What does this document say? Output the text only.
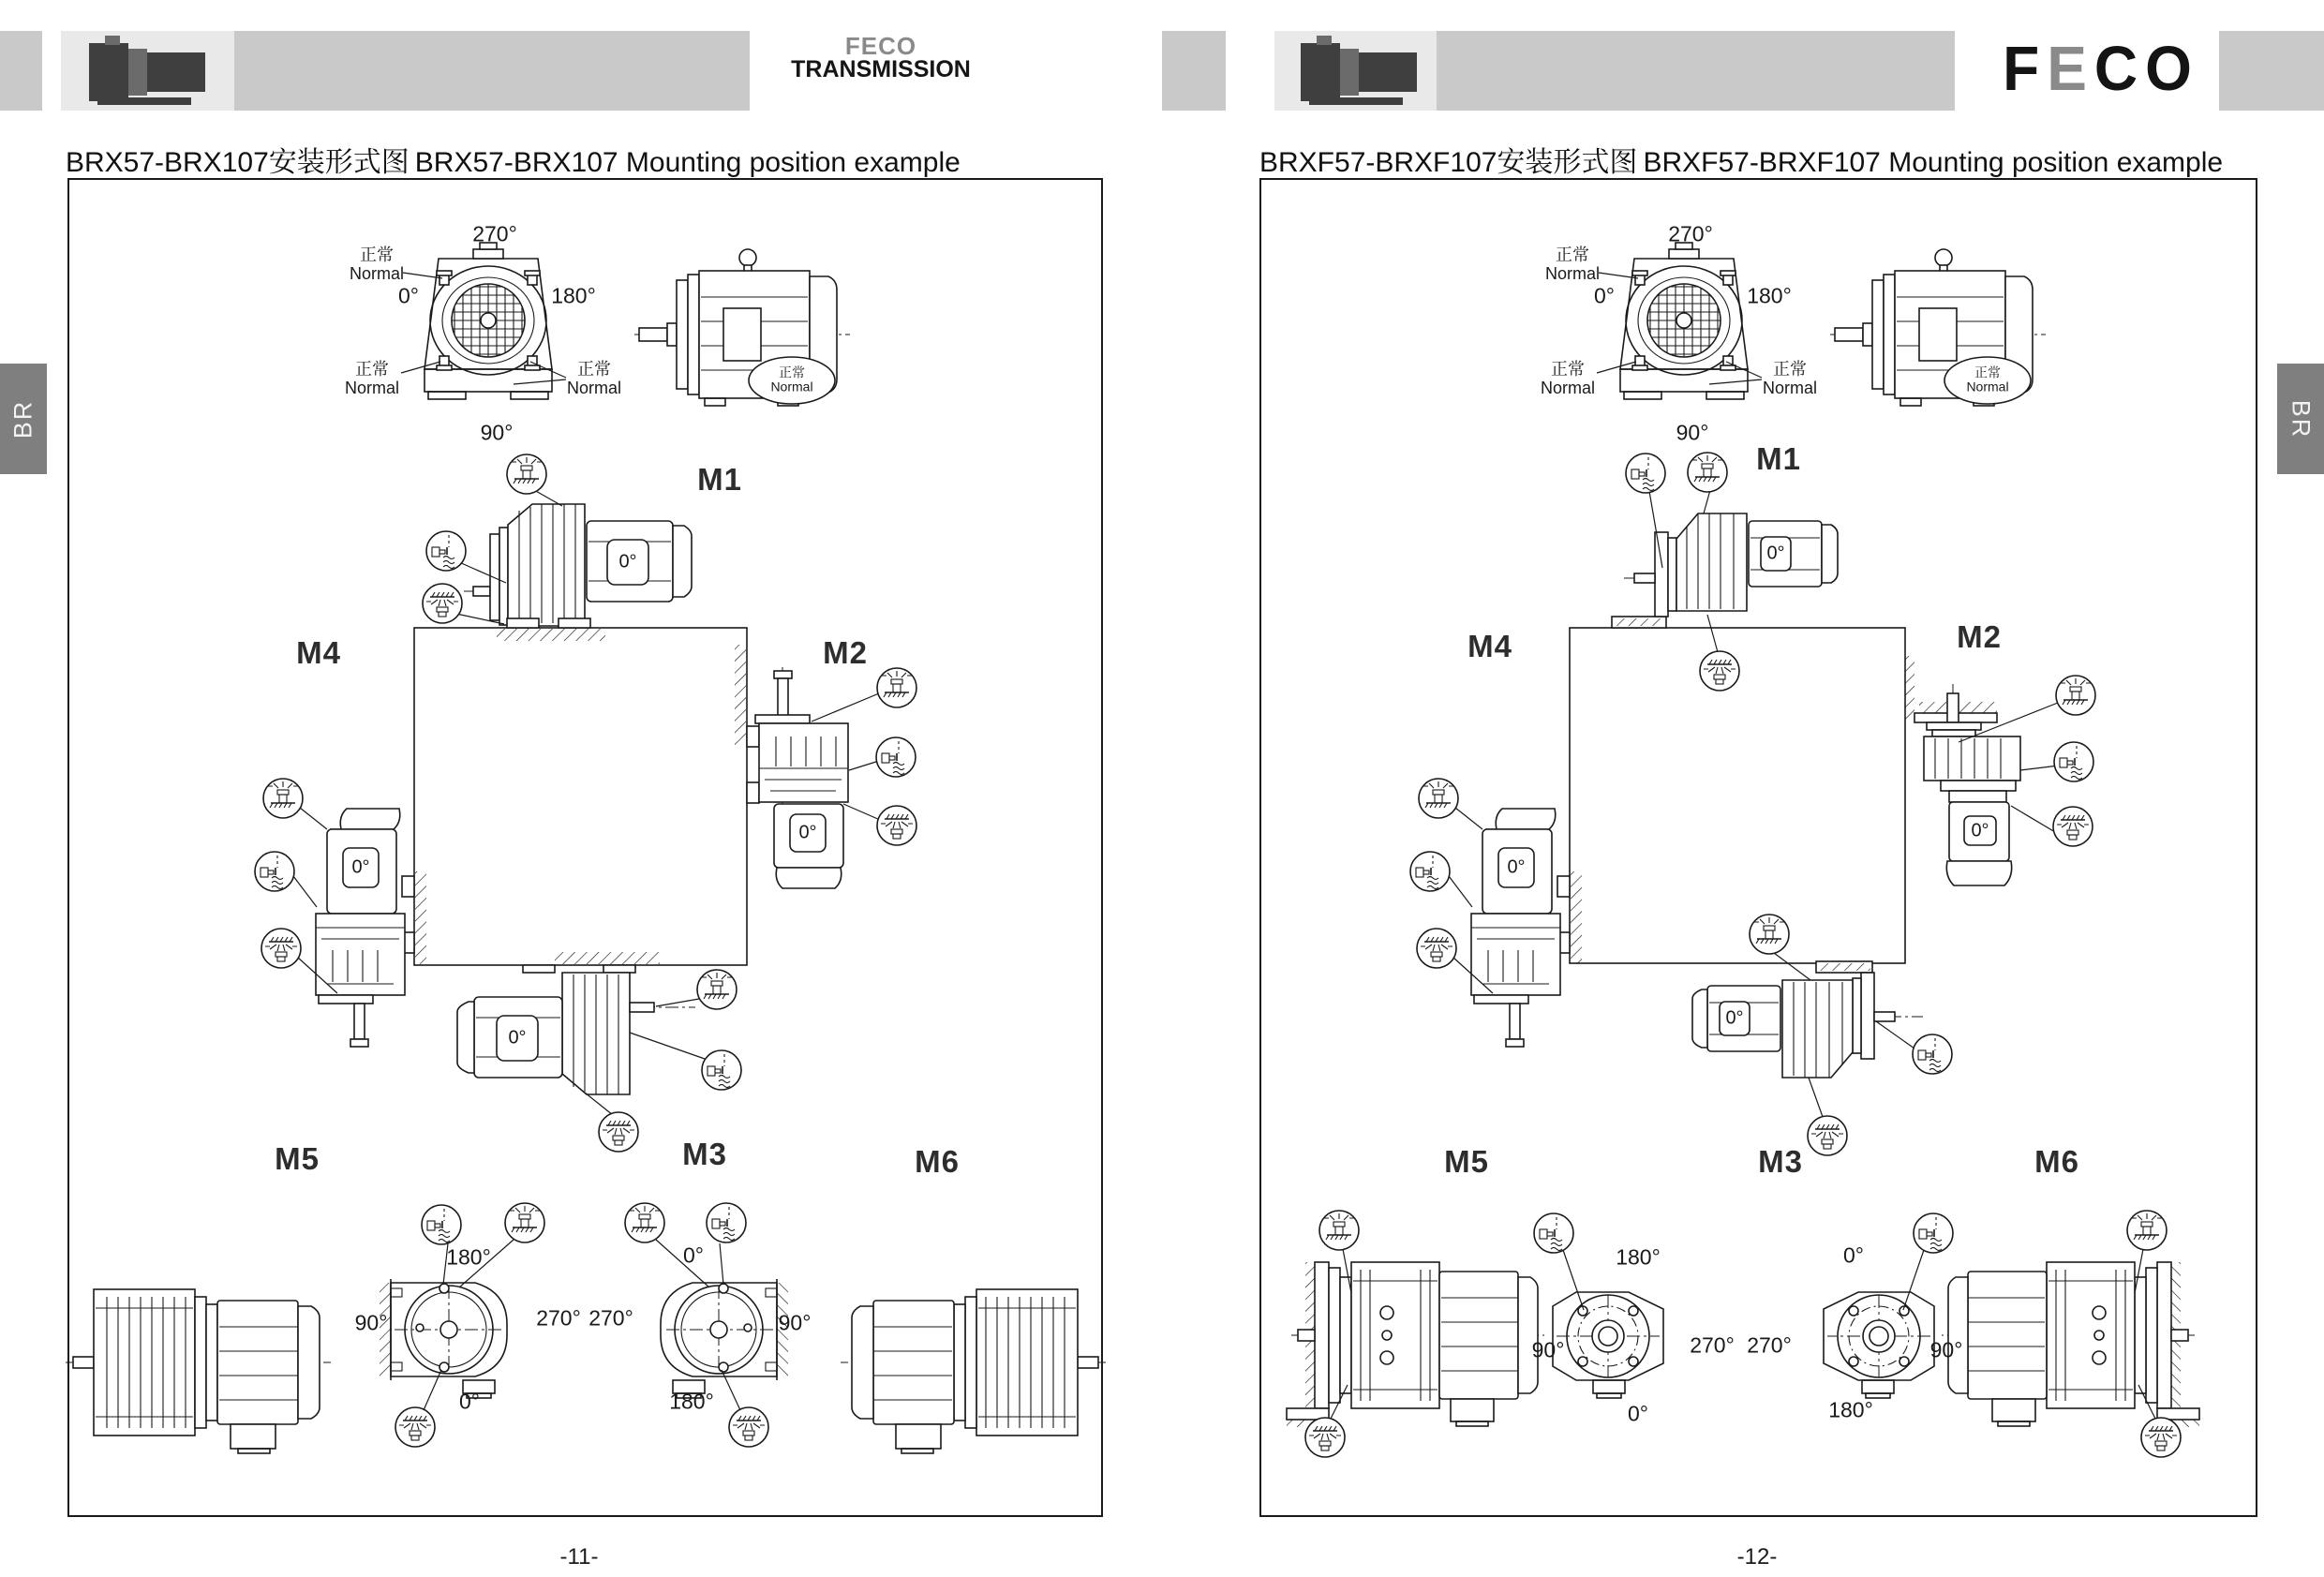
FECO
TRANSMISSION	F E C O
BR	BR
BRX57-BRX107安装形式图 BRX57-BRX107 Mounting position example	BRXF57-BRXF107安装形式图 BRXF57-BRXF107 Mounting position example
270°
0°	180°
90°
正常
Normal
正常
Normal
正常
Normal
正常
Normal
M1
M2
M3
M4
M5	M6
0°
0°
0°
0°
180°
90°	270°
0°
0°
270°	90°
180°
-11-
270°
0°	180°
90°
正常
Normal
正常
Normal
正常
Normal
正常
Normal
M1
M2
M3
M4
M5	M6
0°
0°
0°
0°
180°
90°	270°
0°
0°
270°	90°
180°
-12-
